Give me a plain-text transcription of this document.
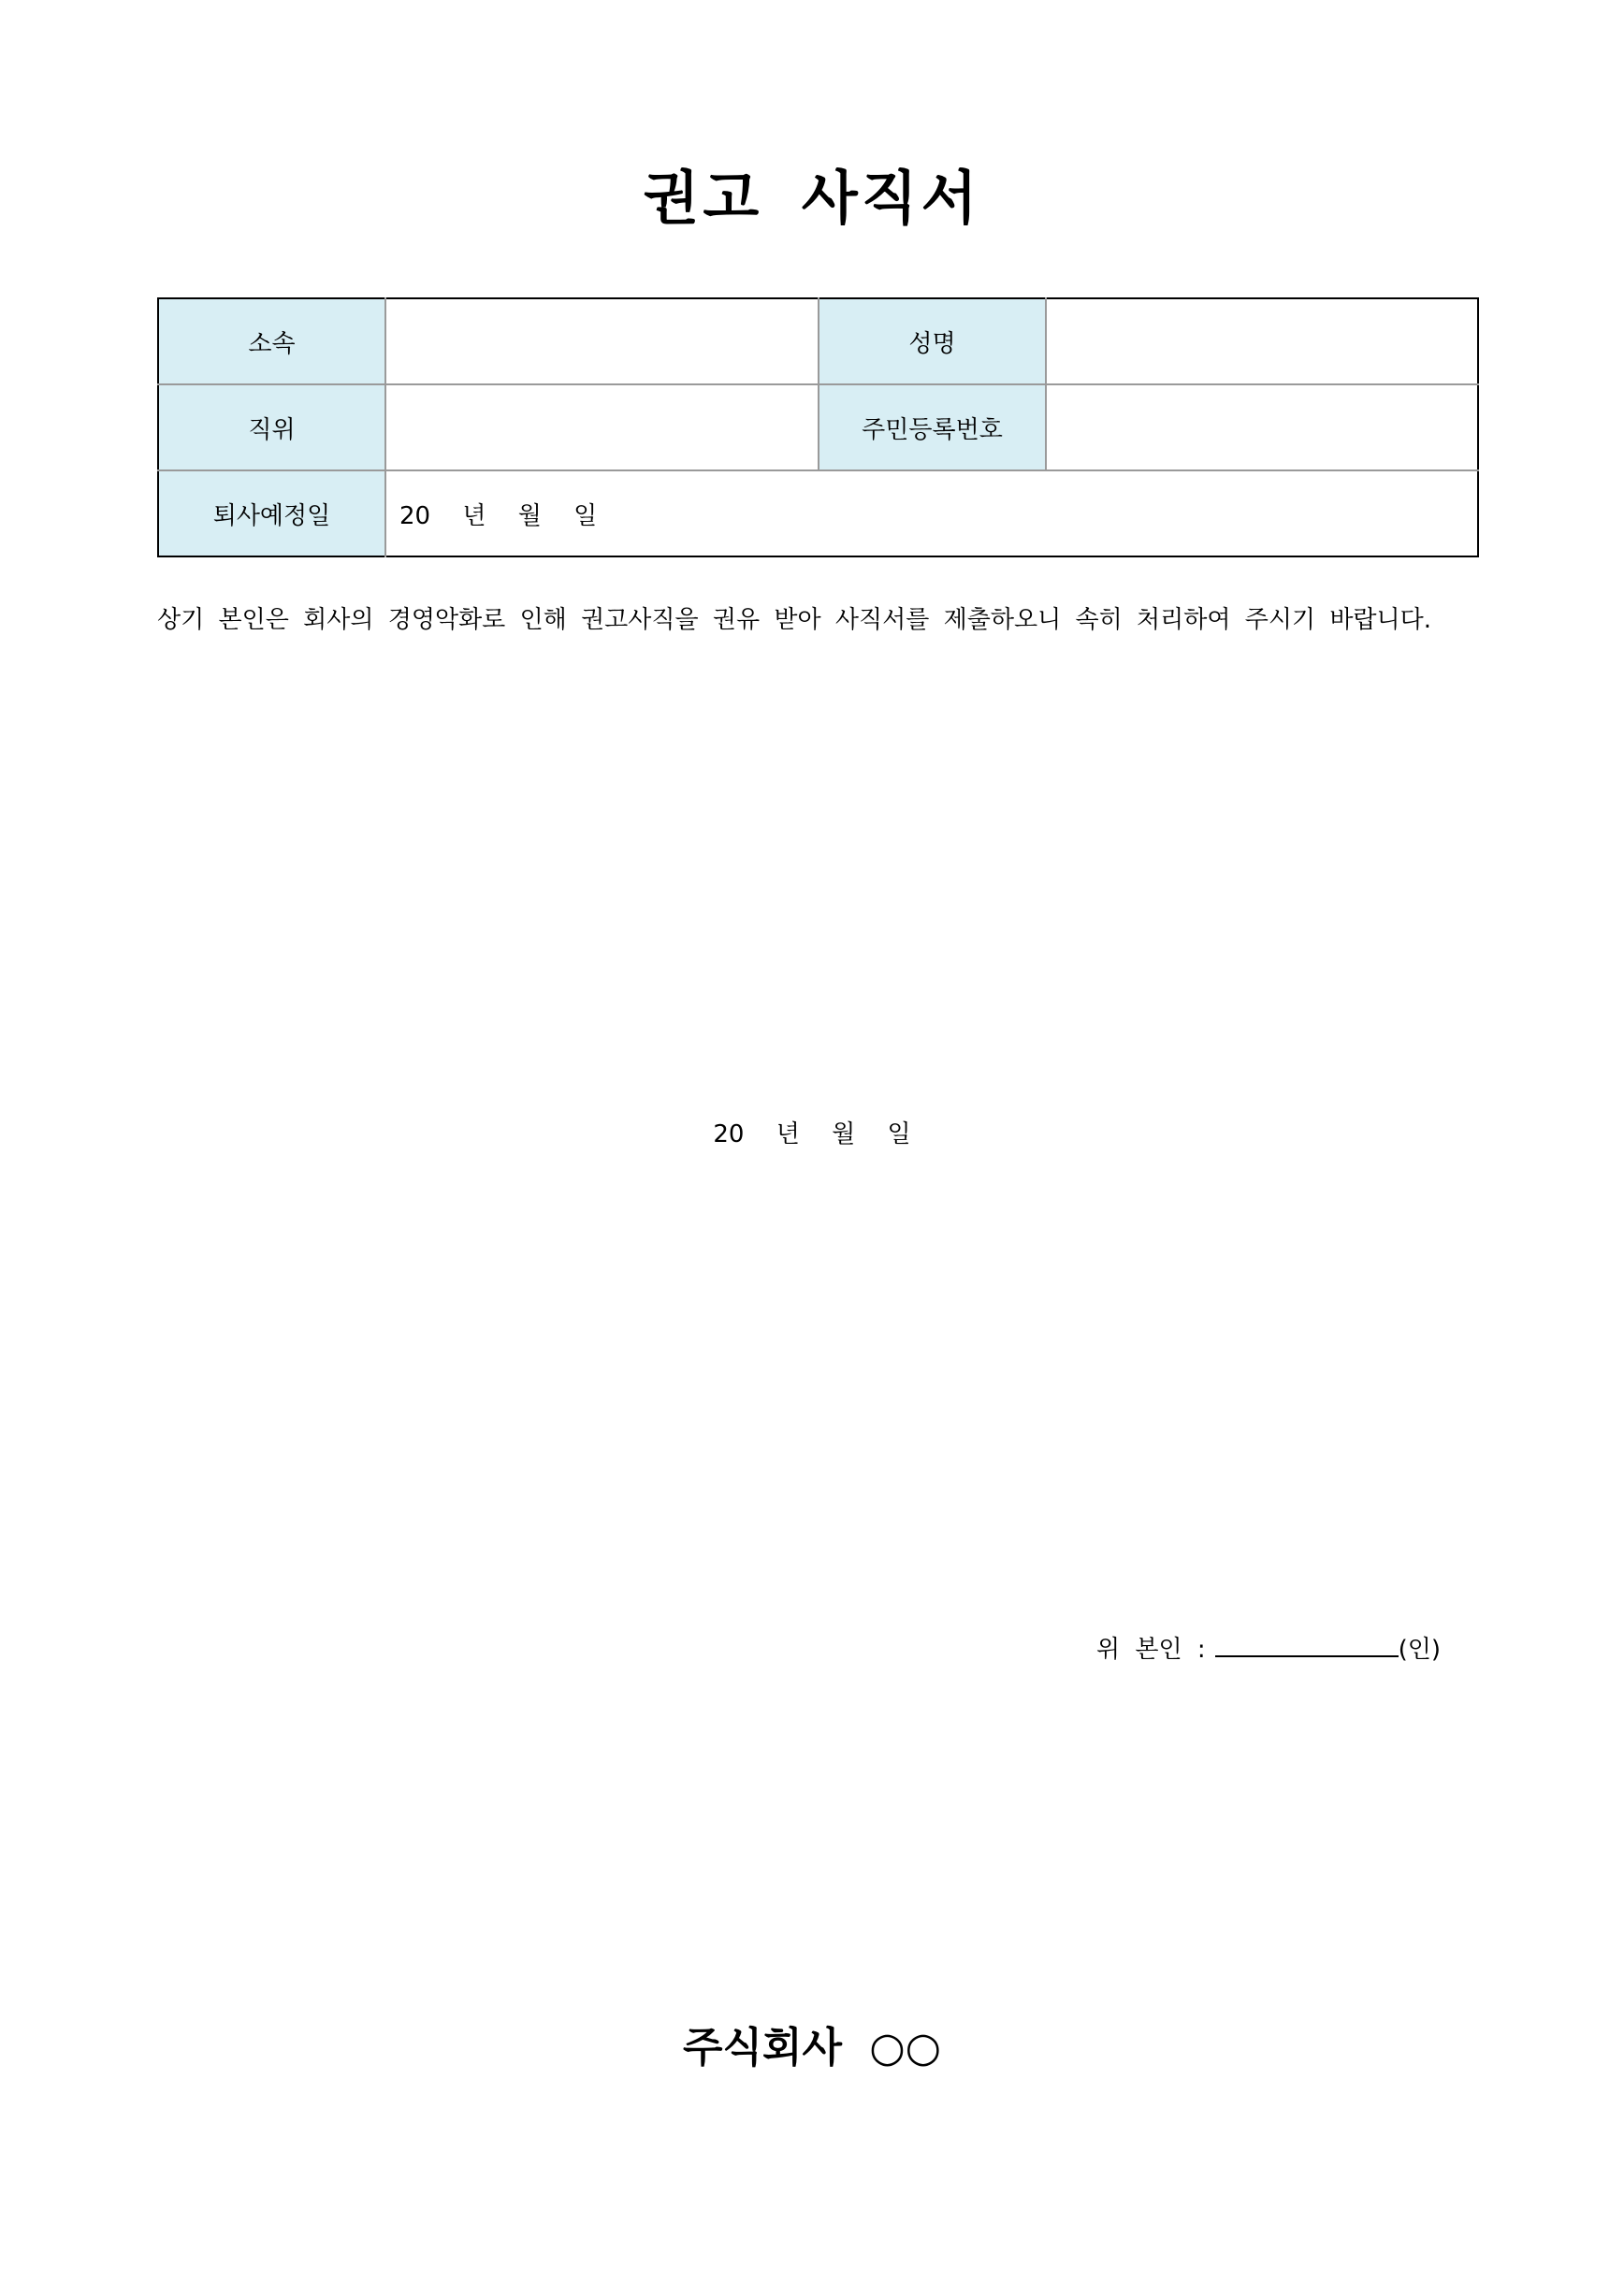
권고 사직서
소속		성명	
직위		주민등록번호	
퇴사예정일	20 년 월 일		
상기 본인은 회사의 경영악화로 인해 권고사직을 권유 받아 사직서를 제출하오니 속히 처리하여 주시기 바랍니다.
20 년 월 일
위 본인 :	(인)
주식회사 ○○
